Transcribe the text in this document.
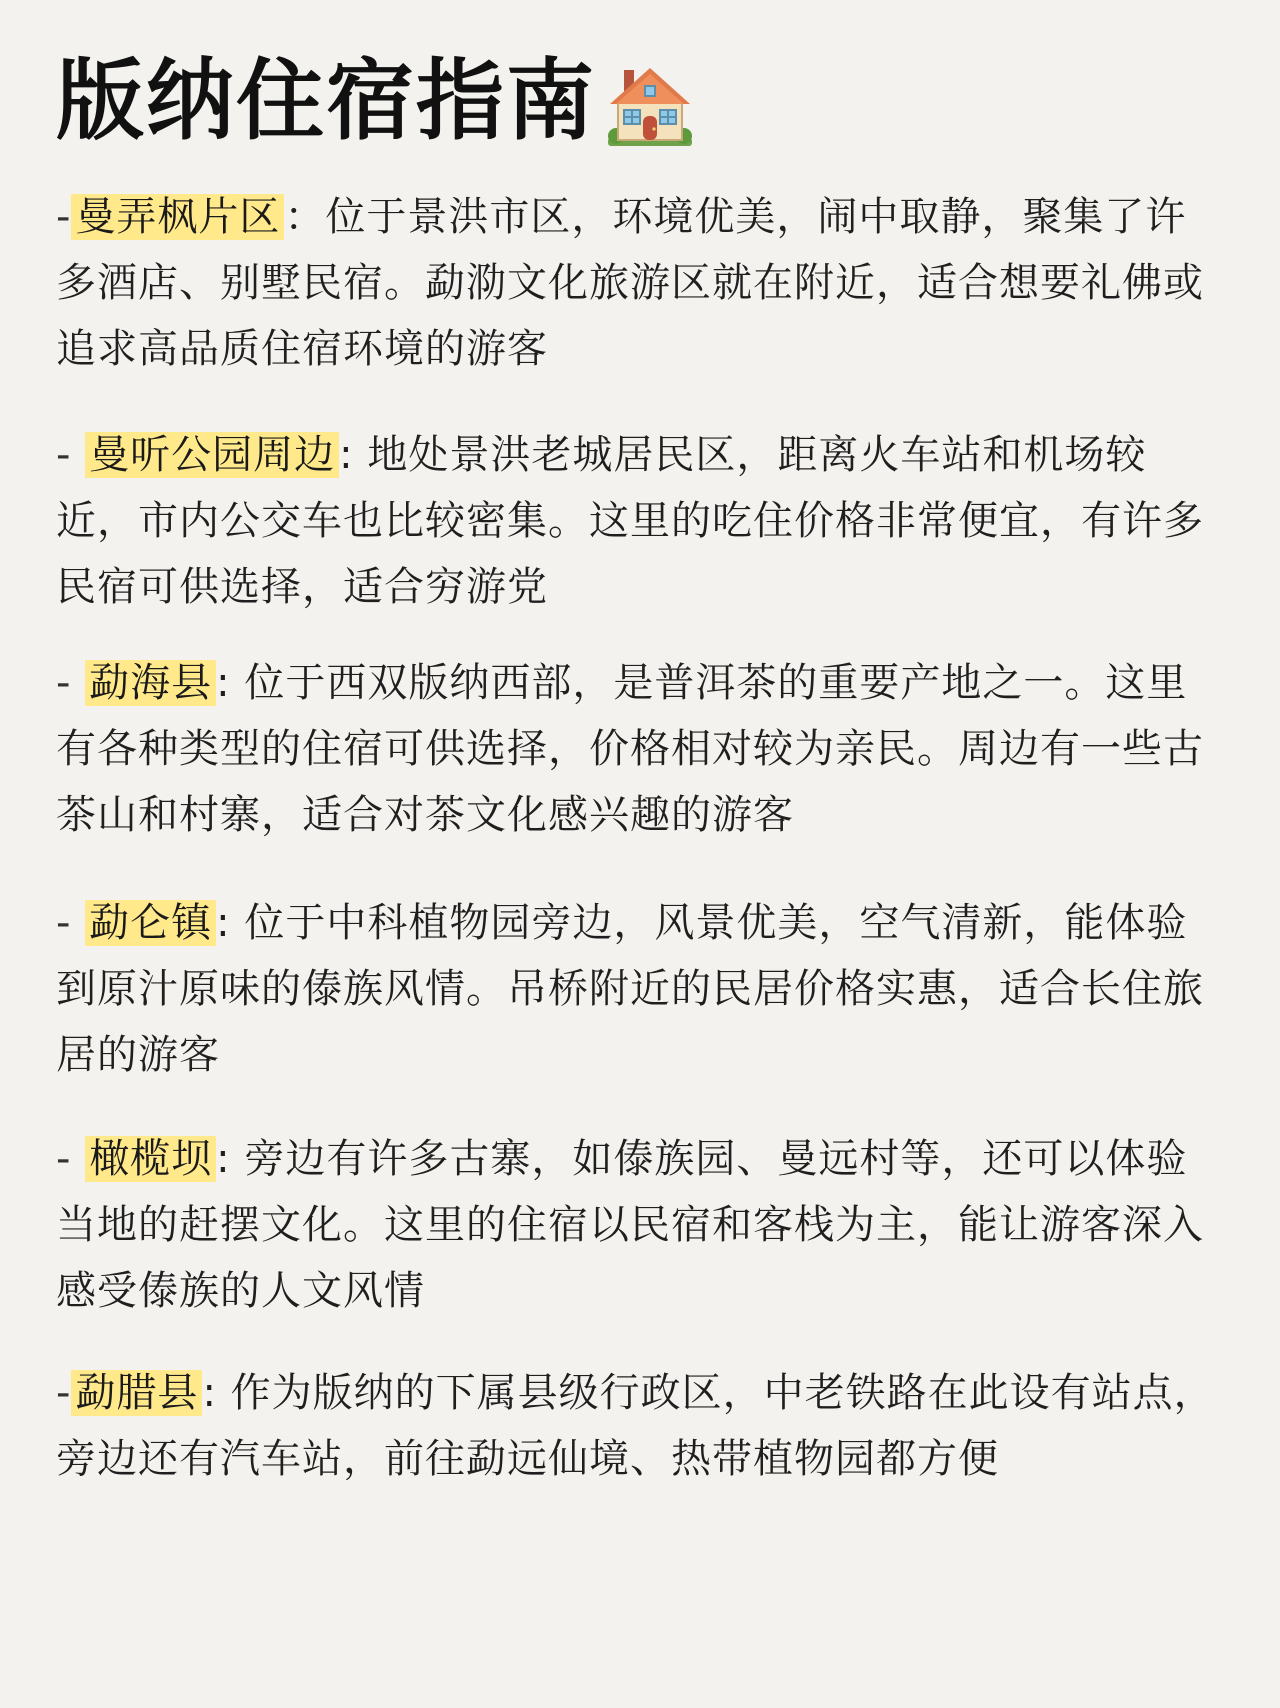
版纳住宿指南
- 曼弄枫片区 ：位于景洪市区，环境优美，闹中取静，聚集了许多酒店、别墅民宿。勐泐文化旅游区就在附近，适合想要礼佛或追求高品质住宿环境的游客
- 曼听公园周边 : 地处景洪老城居民区，距离火车站和机场较近，市内公交车也比较密集。这里的吃住价格非常便宜，有许多民宿可供选择，适合穷游党
- 勐海县 : 位于西双版纳西部，是普洱茶的重要产地之一。这里有各种类型的住宿可供选择，价格相对较为亲民。周边有一些古茶山和村寨，适合对茶文化感兴趣的游客
- 勐仑镇 : 位于中科植物园旁边，风景优美，空气清新，能体验到原汁原味的傣族风情。吊桥附近的民居价格实惠，适合长住旅居的游客
- 橄榄坝 : 旁边有许多古寨，如傣族园、曼远村等，还可以体验当地的赶摆文化。这里的住宿以民宿和客栈为主，能让游客深入感受傣族的人文风情
- 勐腊县 : 作为版纳的下属县级行政区，中老铁路在此设有站点，旁边还有汽车站，前往勐远仙境、热带植物园都方便
